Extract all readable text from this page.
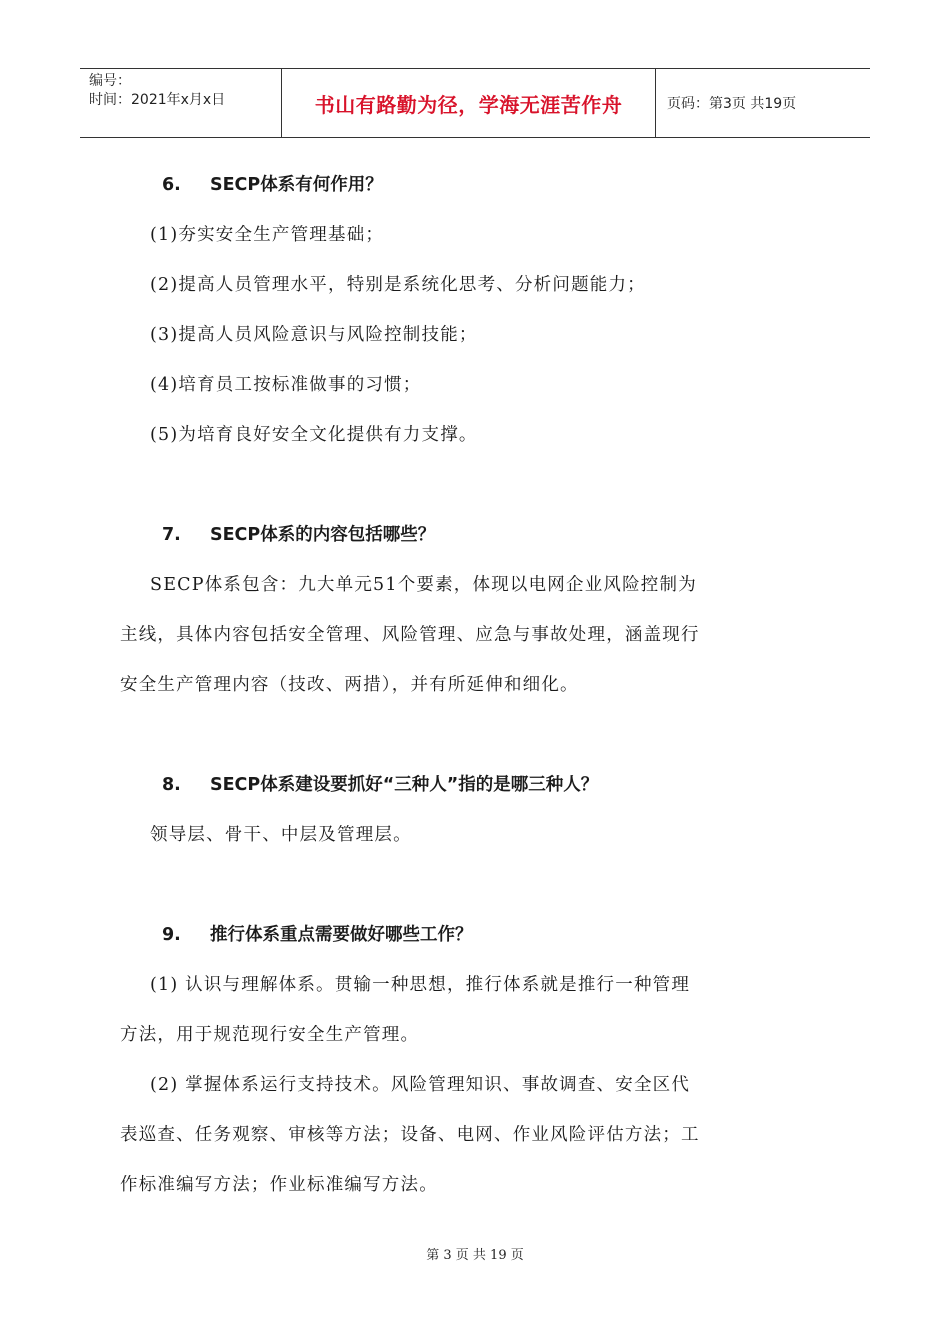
编号：
时间：2021年x月x日	书山有路勤为径，学海无涯苦作舟	页码：第3页 共19页
6. SECP体系有何作用？
(1)夯实安全生产管理基础；
(2)提高人员管理水平，特别是系统化思考、分析问题能力；
(3)提高人员风险意识与风险控制技能；
(4)培育员工按标准做事的习惯；
(5)为培育良好安全文化提供有力支撑。
7. SECP体系的内容包括哪些？
SECP体系包含：九大单元51个要素，体现以电网企业风险控制为
主线，具体内容包括安全管理、风险管理、应急与事故处理，涵盖现行
安全生产管理内容（技改、两措），并有所延伸和细化。
8. SECP体系建设要抓好“三种人”指的是哪三种人？
领导层、骨干、中层及管理层。
9. 推行体系重点需要做好哪些工作？
(1) 认识与理解体系。贯输一种思想，推行体系就是推行一种管理
方法，用于规范现行安全生产管理。
(2) 掌握体系运行支持技术。风险管理知识、事故调查、安全区代
表巡查、任务观察、审核等方法；设备、电网、作业风险评估方法；工
作标准编写方法；作业标准编写方法。
第 3 页 共 19 页
